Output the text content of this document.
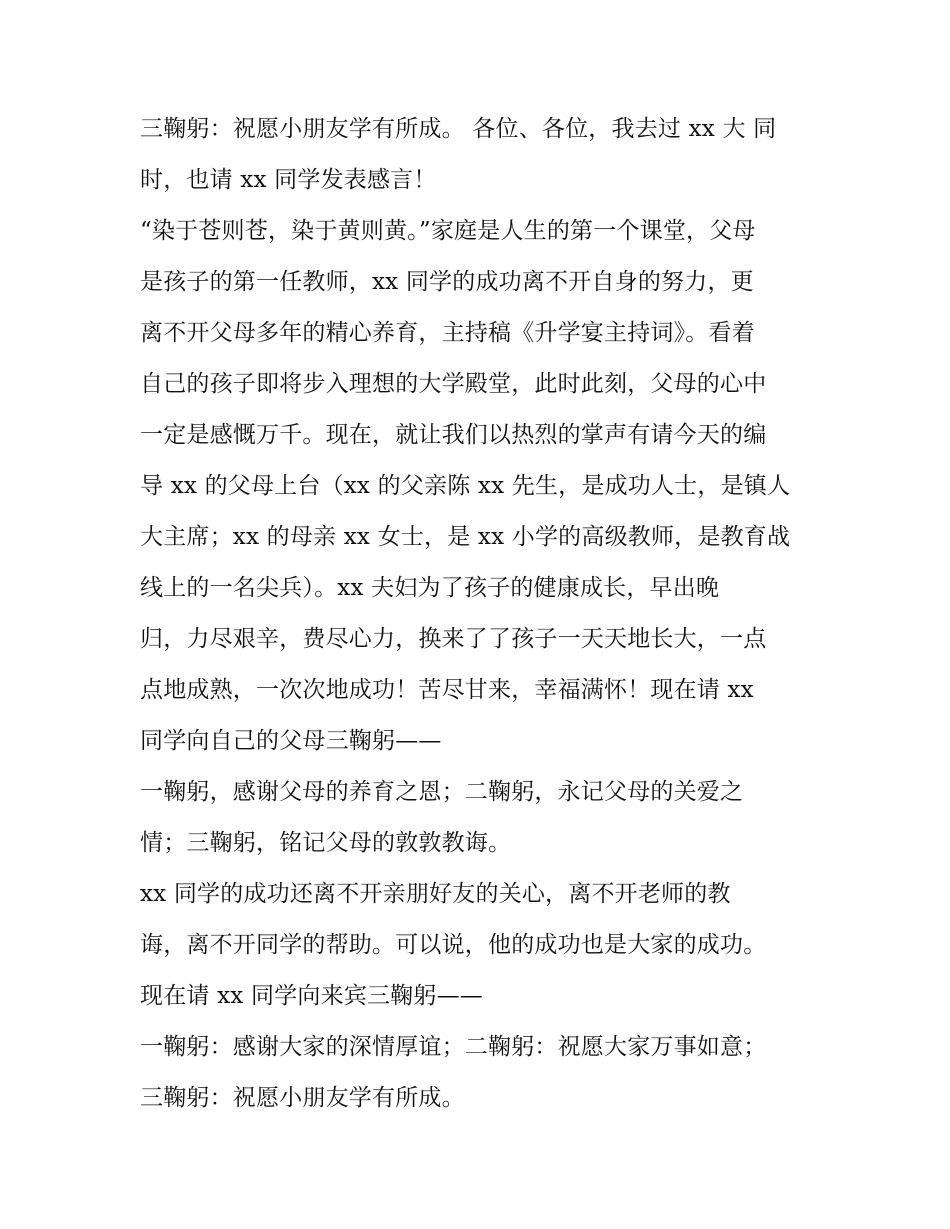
三鞠躬：祝愿小朋友学有所成。 各位、各位，我去过 xx 大 同
时，也请 xx 同学发表感言！
“染于苍则苍，染于黄则黄。”家庭是人生的第一个课堂，父母
是孩子的第一任教师，xx 同学的成功离不开自身的努力，更
离不开父母多年的精心养育，主持稿《升学宴主持词》。看着
自己的孩子即将步入理想的大学殿堂，此时此刻，父母的心中
一定是感慨万千。现在，就让我们以热烈的掌声有请今天的编
导 xx 的父母上台（xx 的父亲陈 xx 先生，是成功人士，是镇人
大主席；xx 的母亲 xx 女士，是 xx 小学的高级教师，是教育战
线上的一名尖兵）。xx 夫妇为了孩子的健康成长，早出晚
归，力尽艰辛，费尽心力，换来了了孩子一天天地长大，一点
点地成熟，一次次地成功！苦尽甘来，幸福满怀！现在请 xx
同学向自己的父母三鞠躬——
一鞠躬，感谢父母的养育之恩；二鞠躬，永记父母的关爱之
情；三鞠躬，铭记父母的敦敦教诲。
xx 同学的成功还离不开亲朋好友的关心，离不开老师的教
诲，离不开同学的帮助。可以说，他的成功也是大家的成功。
现在请 xx 同学向来宾三鞠躬——
一鞠躬：感谢大家的深情厚谊；二鞠躬：祝愿大家万事如意；
三鞠躬：祝愿小朋友学有所成。
